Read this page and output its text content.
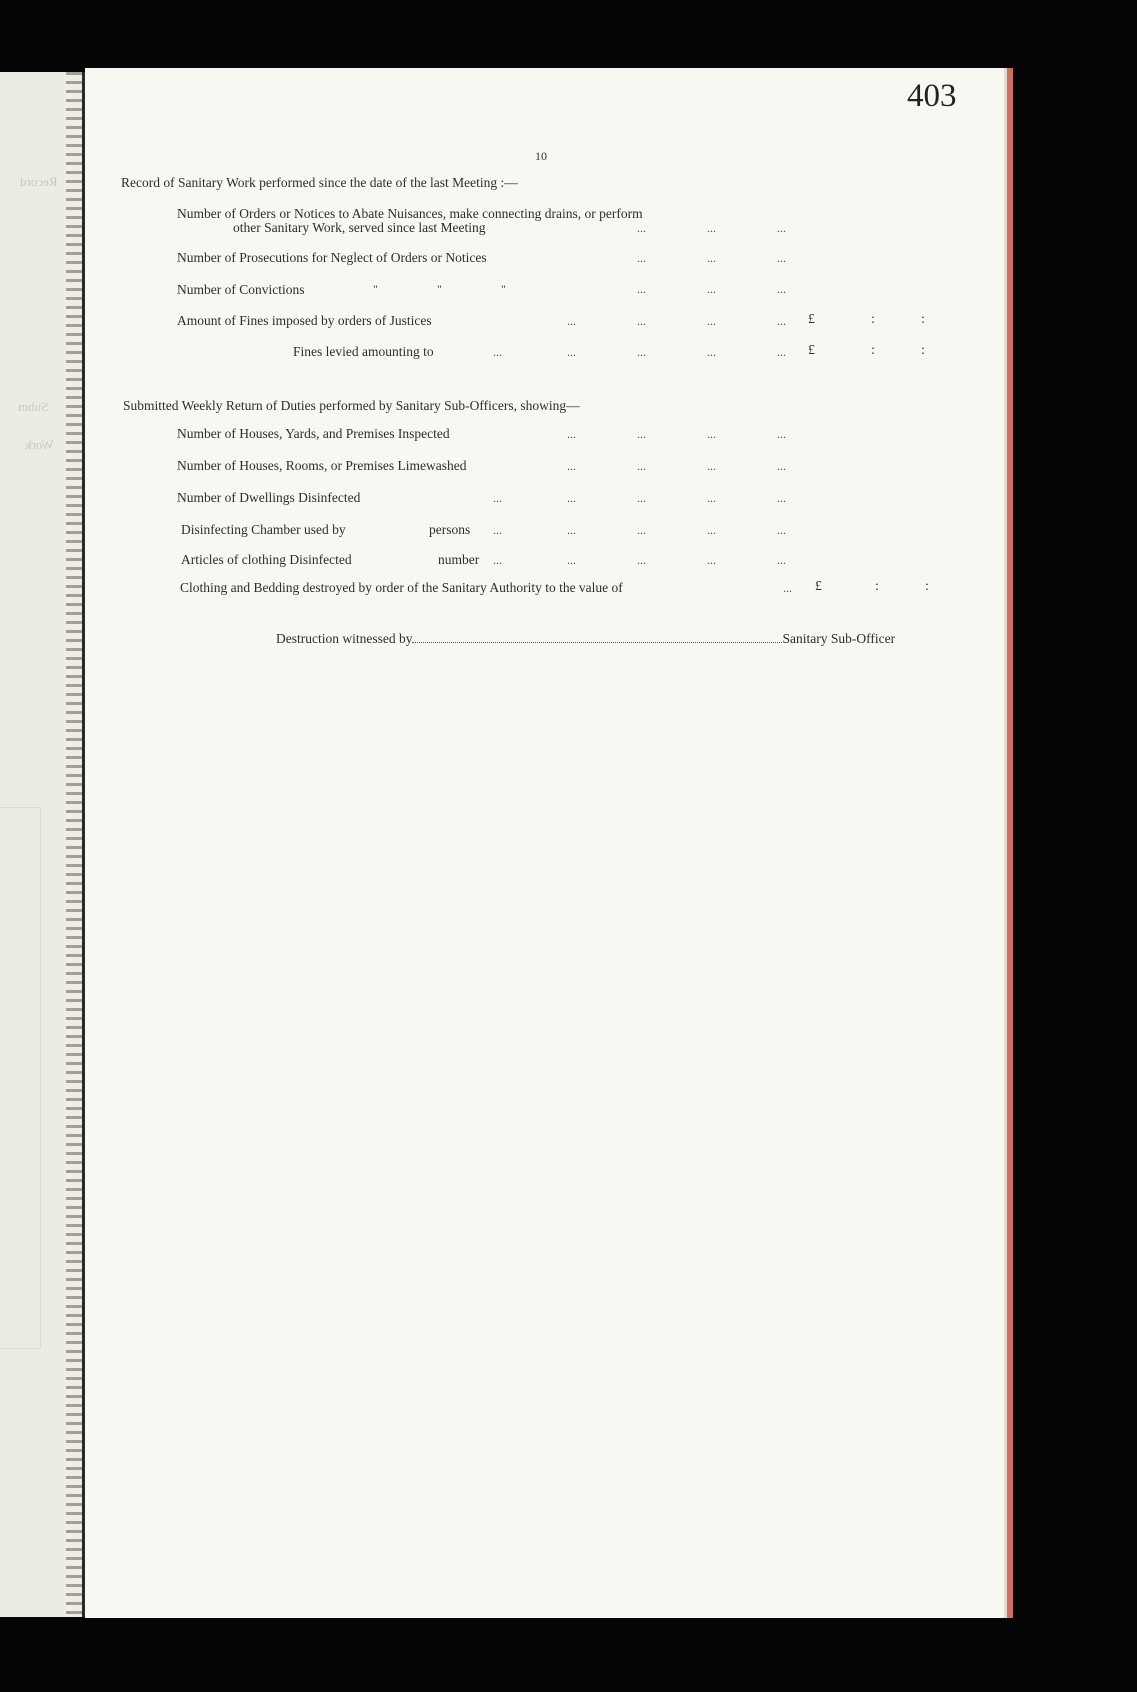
Record
Subm
Work
403
10
Record of Sanitary Work performed since the date of the last Meeting :—
Number of Orders or Notices to Abate Nuisances, make connecting drains, or perform
other Sanitary Work, served since last Meeting	...	...	...
Number of Prosecutions for Neglect of Orders or Notices	...	...	...
Number of Convictions	"	"	"	...	...	...
Amount of Fines imposed by orders of Justices	...	...	...	... £	:	:
Fines levied amounting to	...	...	...	...	... £	:	:
Submitted Weekly Return of Duties performed by Sanitary Sub-Officers, showing—
Number of Houses, Yards, and Premises Inspected	...	...	...	...
Number of Houses, Rooms, or Premises Limewashed	...	...	...	...
Number of Dwellings Disinfected	...	...	...	...	...
Disinfecting Chamber used by	persons ...	...	...	...	...
Articles of clothing Disinfected	number ...	...	...	...	...
Clothing and Bedding destroyed by order of the Sanitary Authority to the value of	... £	:	:
Destruction witnessed by	Sanitary Sub-Officer
